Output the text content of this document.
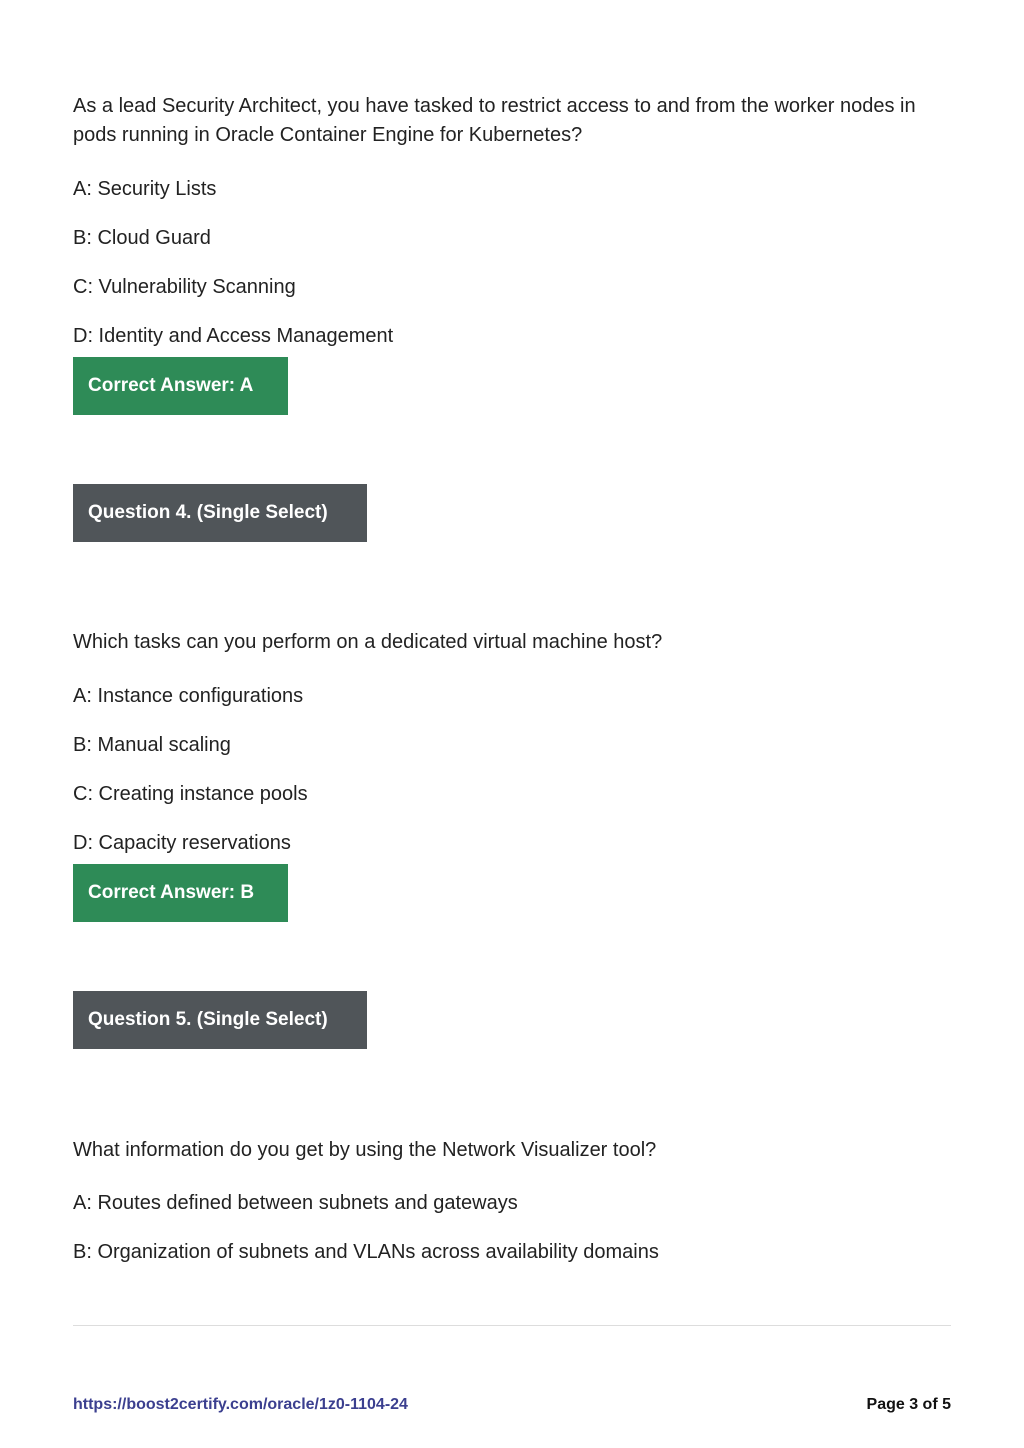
As a lead Security Architect, you have tasked to restrict access to and from the worker nodes in pods running in Oracle Container Engine for Kubernetes?

A: Security Lists
B: Cloud Guard
C: Vulnerability Scanning
D: Identity and Access Management
Correct Answer: A
Question 4. (Single Select)

Which tasks can you perform on a dedicated virtual machine host?

A: Instance configurations
B: Manual scaling
C: Creating instance pools
D: Capacity reservations
Correct Answer: B
Question 5. (Single Select)

What information do you get by using the Network Visualizer tool?

A: Routes defined between subnets and gateways
B: Organization of subnets and VLANs across availability domains
https://boost2certify.com/oracle/1z0-1104-24	Page 3 of 5
